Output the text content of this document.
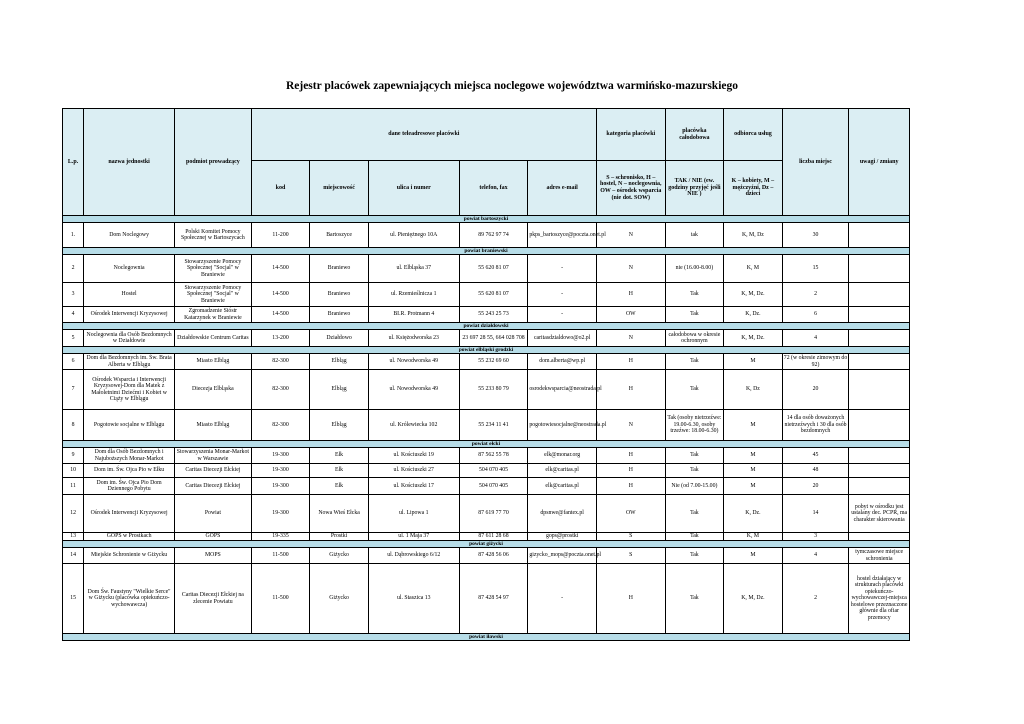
Rejestr placówek zapewniających miejsca noclegowe województwa warmińsko-mazurskiego
L.p.	nazwa jednostki	podmiot prowadzący	dane teleadresowe placówki					kategoria placówki	placówka całodobowa	odbiorca usług	liczba miejsc	uwagi / zmiany
			kod	miejscowość	ulica i numer	telefon, fax	adres e-mail	S – schronisko, H – hostel, N – noclegownia, OW – ośrodek wsparcia (nie dot. SOW)	TAK / NIE (ew. godziny przyjęć jeśli NIE )	K – kobiety, M – mężczyźni, Dz – dzieci		
powiat bartoszycki												
1.	Dom Noclegowy	Polski Komitet Pomocy Społecznej w Bartoszycach	11-200	Bartoszyce	ul. Pieniężnego 10A	89 762 97 74	pkps_bartoszyce@poczta.onet.pl	N	tak	K, M, Dz	30	
powiat braniewski												
2	Noclegownia	Stowarzyszenie Pomocy Społecznej "Socjal" w Braniewie	14-500	Braniewo	ul. Elbląska 37	55 620 81 07	-	N	nie (16.00-8.00)	K, M	15	
3	Hostel	Stowarzyszenie Pomocy Społecznej "Socjal" w Braniewie	14-500	Braniewo	ul. Rzemieślnicza 1	55 620 81 07	-	H	Tak	K, M, Dz.	2	
4	Ośrodek Interwencji Kryzysowej	Zgromadzenie Sióstr Katarzynek w Braniewie	14-500	Braniewo	BI.R. Protmann 4	55 243 25 73	-	OW	Tak	K, Dz.	6	
powiat działdowski												
5	Noclegownia dla Osób Bezdomnych w Działdowie	Działdowskie Centrum Caritas	13-200	Działdowo	ul. Księżodworska 23	23 697 28 55, 664 028 708	caritasdzialdowo@o2.pl	N	całodobowa w okresie ochronnym	K, M, Dz.	4	
powiat elbląski grodzki												
6	Dom dla Bezdomnych im. Św. Brata Alberta w Elblągu	Miasto Elbląg	82-300	Elbląg	ul. Nowodworska 49	55 232 69 60	dom.alberta@wp.pl	H	Tak	M	72 (w okresie zimowym do 92)	
7	Ośrodek Wsparcia i Interwencji Kryzysowej-Dom dla Matek z Małoletnimi Dziećmi i Kobiet w Ciąży w Elblągu	Diecezja Elbląska	82-300	Elbląg	ul. Nowodworska 49	55 233 80 79	osrodekwsparcia@neostrada.pl	H	Tak	K, Dz	20	
8	Pogotowie socjalne w Elblągu	Miasto Elbląg	82-300	Elbląg	ul. Królewiecka 102	55 234 11 41	pogotowiesocjalne@neostrada.pl	N	Tak (osoby nietrzeźwe: 19.00-6.30, osoby trzeźwe: 18.00-6.30)	M	14 dla osób doważonych nietrzeźwych i 30 dla osób bezdomnych	
powiat ełcki												
9	Dom dla Osób Bezdomnych i Najuboższych Monar-Markot	Stowarzyszenia Monar-Markot w Warszawie	19-300	Ełk	ul. Kościuszki 19	87 562 55 78	elk@monar.org	H	Tak	M	45	
10	Dom im. Św. Ojca Pio w Ełku	Caritas Diecezji Ełckiej	19-300	Ełk	ul. Kościuszki 27	504 070 405	elk@caritas.pl	H	Tak	M	48	
11	Dom im. Św. Ojca Pio Dom Dziennego Pobytu	Caritas Diecezji Ełckiej	19-300	Ełk	ul. Kościuszki 17	504 070 405	elk@caritas.pl	H	Nie (od 7.00-15.00)	M	20	
12	Ośrodek Interwencji Kryzysowej	Powiat	19-300	Nowa Wieś Ełcka	ul. Lipowa 1	87 619 77 70	dpsnwe@fantex.pl	OW	Tak	K, Dz.	14	pobyt w ośrodku jest ustalany dec. PCPR, ma charakter skierowania
13	GOPS w Prostkach	GOPS	19-335	Prostki	ul. 1 Maja 37	87 611 28 68	gops@prostki	S	Tak	K, M	3	
powiat giżycki												
14	Miejskie Schronienie w Giżycku	MOPS	11-500	Giżycko	ul. Dąbrowskiego 6/12	87 428 56 06	gizycko_mops@poczta.onet.pl	S	Tak	M	4	tymczasowe miejsce schronienia
15	Dom Św. Faustyny "Wielkie Serce" w Giżycku (placówka opiekuńczo-wychowawcza)	Caritas Diecezji Ełckiej na zlecenie Powiatu	11-500	Giżycko	ul. Staszica 13	87 428 54 97	-	H	Tak	K, M, Dz.	2	hostel działający w strukturach placówki opiekuńczo-wychowawczej-miejsca hostelowe przeznaczone głównie dla ofiar przemocy
powiat iławski												
